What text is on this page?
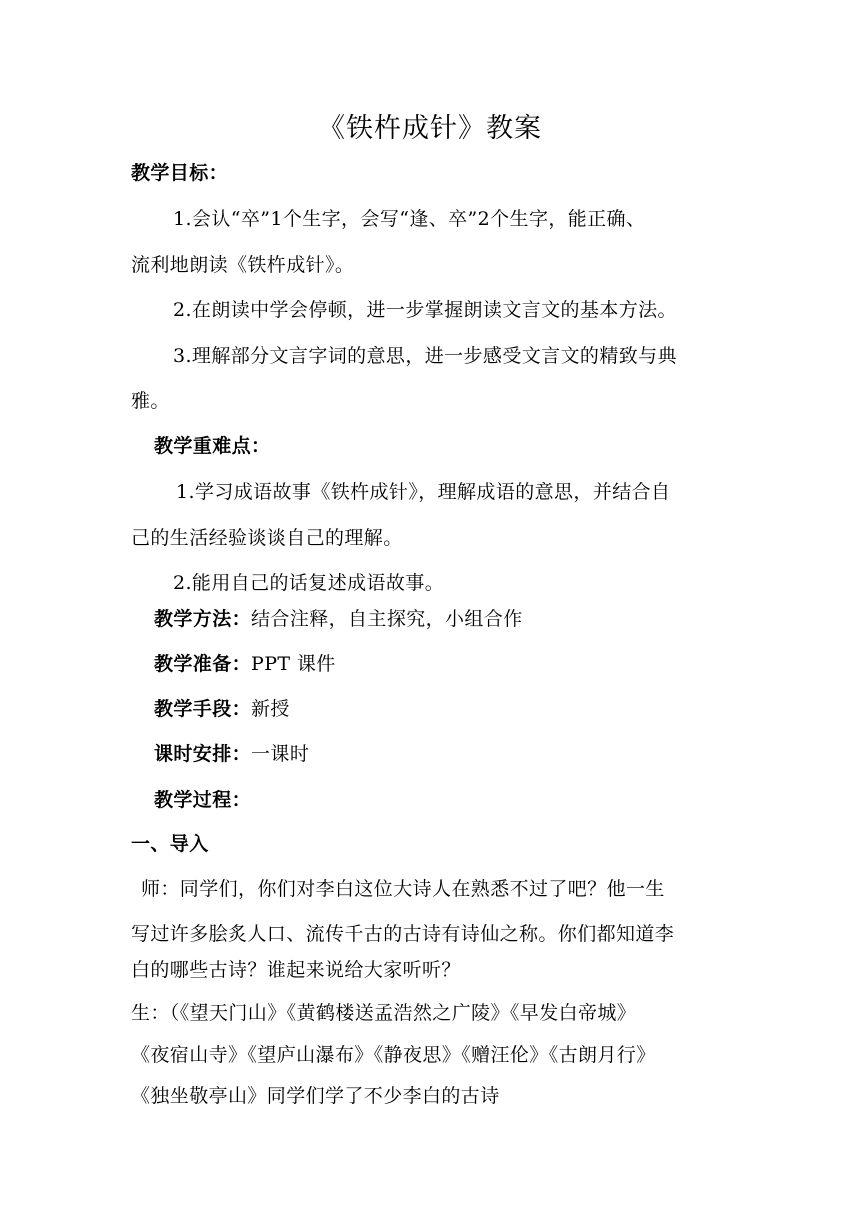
《铁杵成针》教案

教学目标：

1.会认“卒”1个生字，会写“逢、卒”2个生字，能正确、

流利地朗读《铁杵成针》。

2.在朗读中学会停顿，进一步掌握朗读文言文的基本方法。

3.理解部分文言字词的意思，进一步感受文言文的精致与典

雅。

教学重难点：

1.学习成语故事《铁杵成针》，理解成语的意思，并结合自

己的生活经验谈谈自己的理解。

2.能用自己的话复述成语故事。

教学方法：结合注释，自主探究，小组合作

教学准备：PPT 课件

教学手段：新授

课时安排：一课时

教学过程：

一、导入

师：同学们，你们对李白这位大诗人在熟悉不过了吧？他一生

写过许多脍炙人口、流传千古的古诗有诗仙之称。你们都知道李

白的哪些古诗？谁起来说给大家听听？

生：（《望天门山》《黄鹤楼送孟浩然之广陵》《早发白帝城》

《夜宿山寺》《望庐山瀑布》《静夜思》《赠汪伦》《古朗月行》

《独坐敬亭山》同学们学了不少李白的古诗
